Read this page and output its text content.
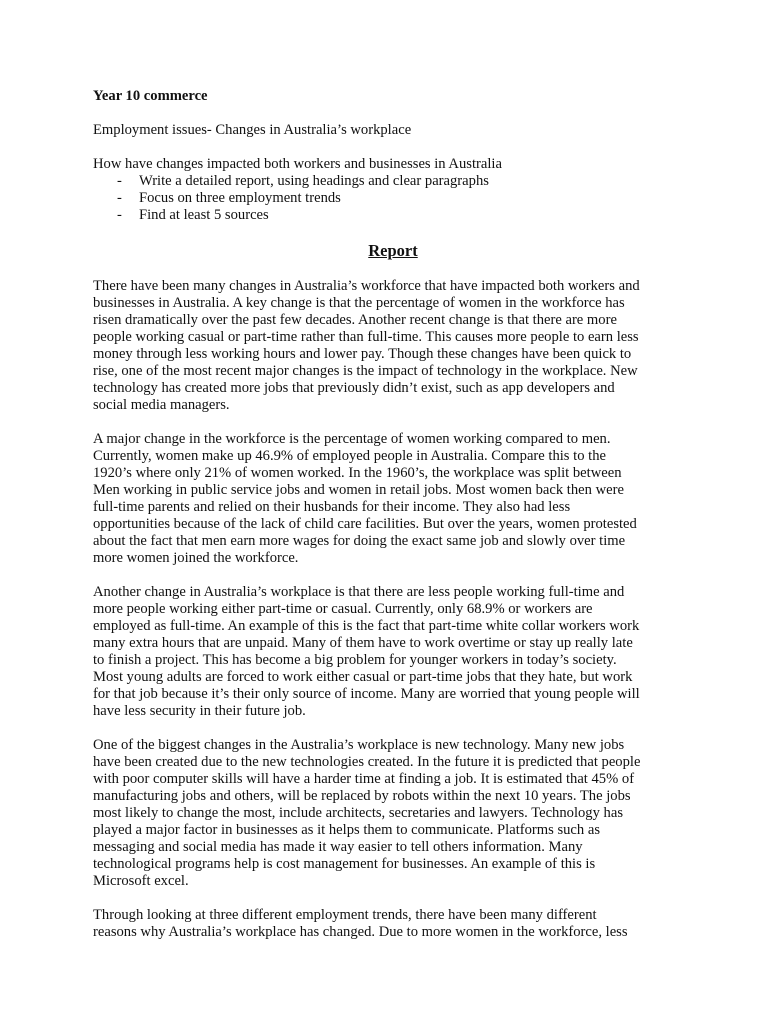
Year 10 commerce
Employment issues- Changes in Australia’s workplace
How have changes impacted both workers and businesses in Australia
- Write a detailed report, using headings and clear paragraphs
- Focus on three employment trends
- Find at least 5 sources
Report
There have been many changes in Australia’s workforce that have impacted both workers and
businesses in Australia. A key change is that the percentage of women in the workforce has
risen dramatically over the past few decades. Another recent change is that there are more
people working casual or part-time rather than full-time. This causes more people to earn less
money through less working hours and lower pay. Though these changes have been quick to
rise, one of the most recent major changes is the impact of technology in the workplace. New
technology has created more jobs that previously didn’t exist, such as app developers and
social media managers.
A major change in the workforce is the percentage of women working compared to men.
Currently, women make up 46.9% of employed people in Australia. Compare this to the
1920’s where only 21% of women worked. In the 1960’s, the workplace was split between
Men working in public service jobs and women in retail jobs. Most women back then were
full-time parents and relied on their husbands for their income. They also had less
opportunities because of the lack of child care facilities. But over the years, women protested
about the fact that men earn more wages for doing the exact same job and slowly over time
more women joined the workforce.
Another change in Australia’s workplace is that there are less people working full-time and
more people working either part-time or casual. Currently, only 68.9% or workers are
employed as full-time. An example of this is the fact that part-time white collar workers work
many extra hours that are unpaid. Many of them have to work overtime or stay up really late
to finish a project. This has become a big problem for younger workers in today’s society.
Most young adults are forced to work either casual or part-time jobs that they hate, but work
for that job because it’s their only source of income. Many are worried that young people will
have less security in their future job.
One of the biggest changes in the Australia’s workplace is new technology. Many new jobs
have been created due to the new technologies created. In the future it is predicted that people
with poor computer skills will have a harder time at finding a job. It is estimated that 45% of
manufacturing jobs and others, will be replaced by robots within the next 10 years. The jobs
most likely to change the most, include architects, secretaries and lawyers. Technology has
played a major factor in businesses as it helps them to communicate. Platforms such as
messaging and social media has made it way easier to tell others information. Many
technological programs help is cost management for businesses. An example of this is
Microsoft excel.
Through looking at three different employment trends, there have been many different
reasons why Australia’s workplace has changed. Due to more women in the workforce, less
